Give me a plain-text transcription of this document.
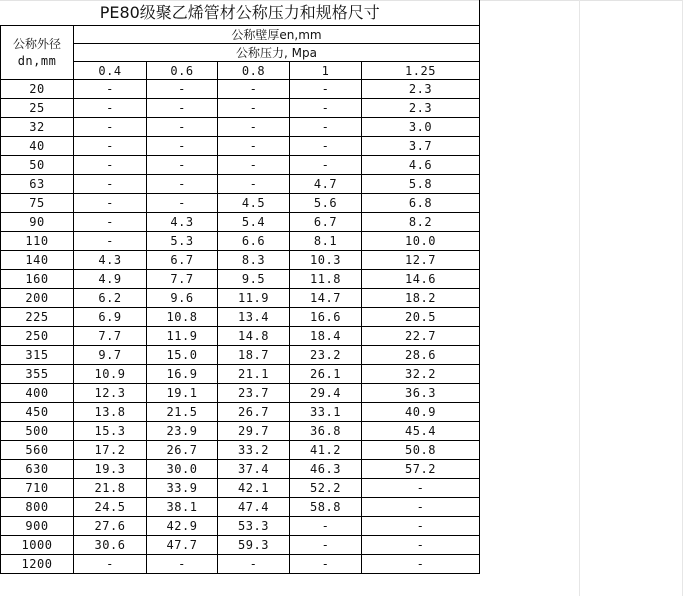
PE80级聚乙烯管材公称压力和规格尺寸					

公称外径
dn,mm	公称壁厚en,mm				
	公称压力, Mpa				
	0.4	0.6	0.8	1	1.25
20	-	-	-	-	2.3
25	-	-	-	-	2.3
32	-	-	-	-	3.0
40	-	-	-	-	3.7
50	-	-	-	-	4.6
63	-	-	-	4.7	5.8
75	-	-	4.5	5.6	6.8
90	-	4.3	5.4	6.7	8.2
110	-	5.3	6.6	8.1	10.0
140	4.3	6.7	8.3	10.3	12.7
160	4.9	7.7	9.5	11.8	14.6
200	6.2	9.6	11.9	14.7	18.2
225	6.9	10.8	13.4	16.6	20.5
250	7.7	11.9	14.8	18.4	22.7
315	9.7	15.0	18.7	23.2	28.6
355	10.9	16.9	21.1	26.1	32.2
400	12.3	19.1	23.7	29.4	36.3
450	13.8	21.5	26.7	33.1	40.9
500	15.3	23.9	29.7	36.8	45.4
560	17.2	26.7	33.2	41.2	50.8
630	19.3	30.0	37.4	46.3	57.2
710	21.8	33.9	42.1	52.2	-
800	24.5	38.1	47.4	58.8	-
900	27.6	42.9	53.3	-	-
1000	30.6	47.7	59.3	-	-
1200	-	-	-	-	-
